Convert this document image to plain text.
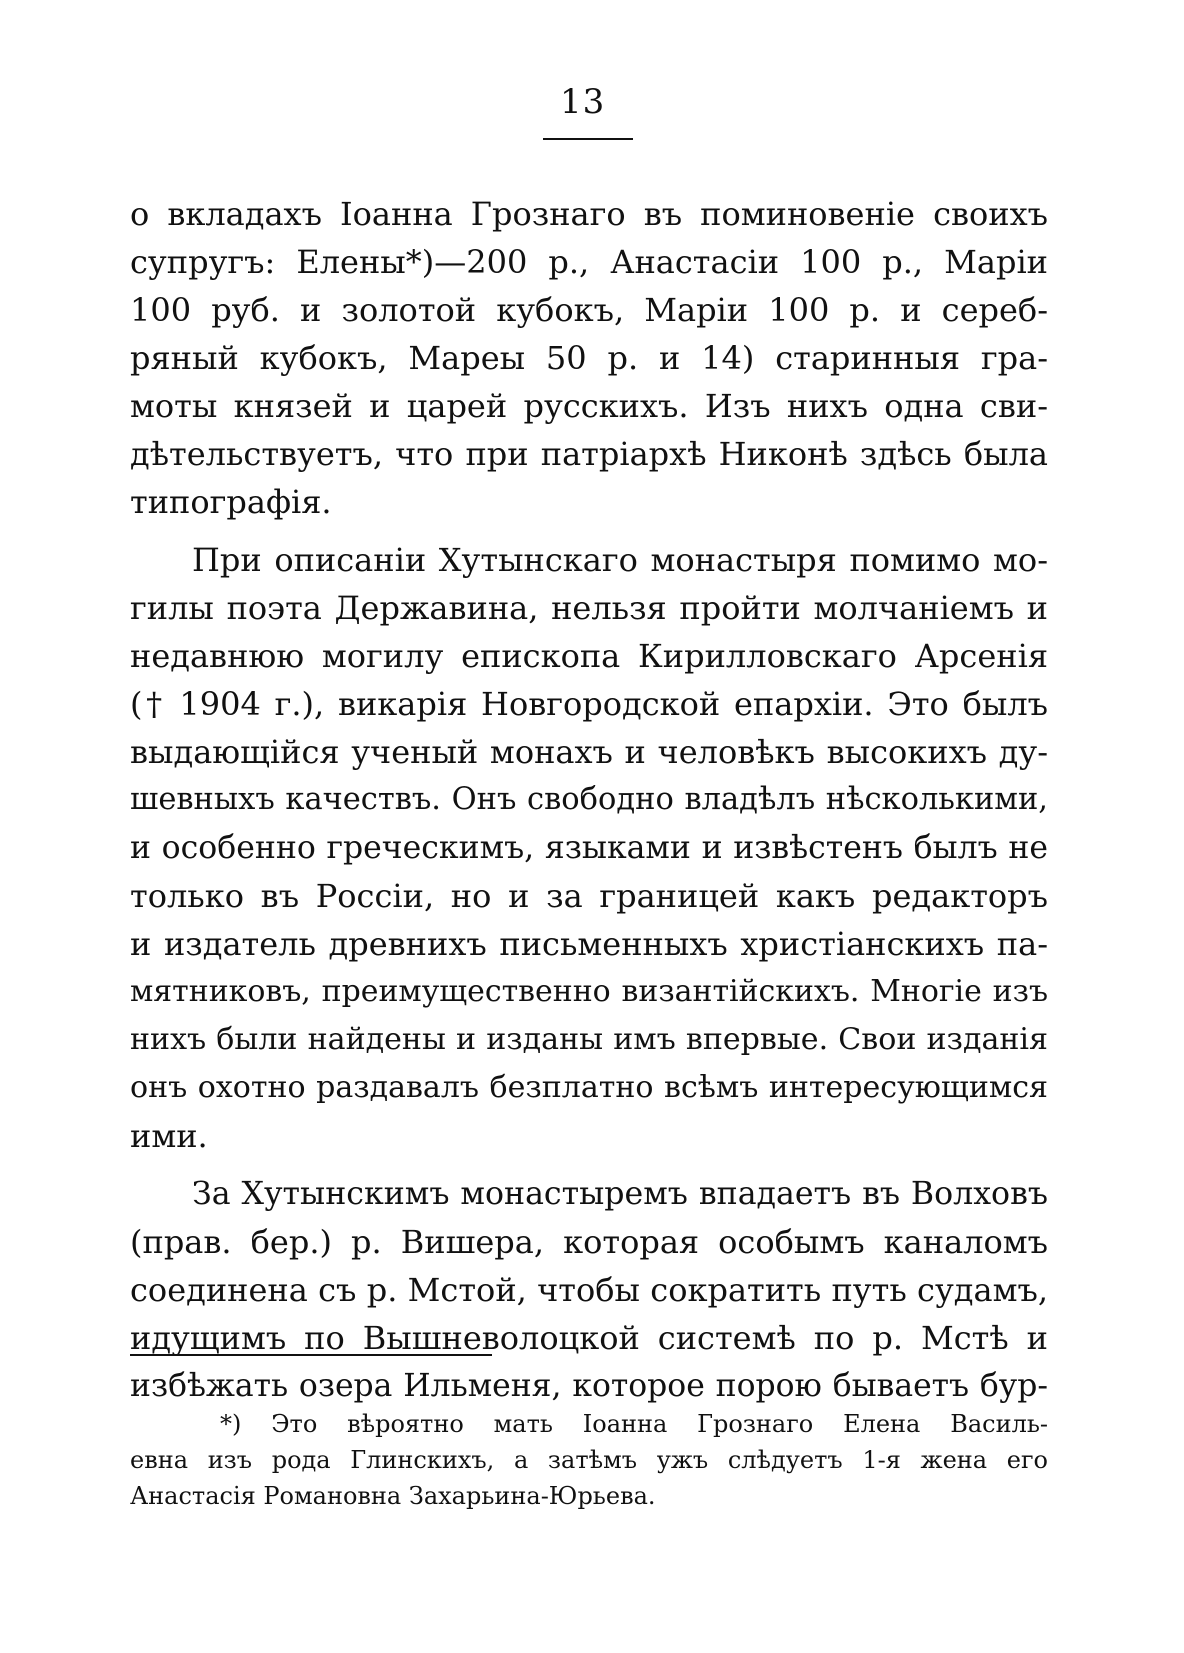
13
о вкладахъ Іоанна Грознаго въ поминовеніе своихъ
супругъ: Елены*)—200 р., Анастасіи 100 р., Маріи
100 руб. и золотой кубокъ, Маріи 100 р. и сереб-
ряный кубокъ, Мареы 50 р. и 14) старинныя гра-
моты князей и царей русскихъ. Изъ нихъ одна сви-
дѣтельствуетъ, что при патріархѣ Никонѣ здѣсь была
типографія.
При описаніи Хутынскаго монастыря помимо мо-
гилы поэта Державина, нельзя пройти молчаніемъ и
недавнюю могилу епископа Кирилловскаго Арсенія
(† 1904 г.), викарія Новгородской епархіи. Это былъ
выдающійся ученый монахъ и человѣкъ высокихъ ду-
шевныхъ качествъ. Онъ свободно владѣлъ нѣсколькими,
и особенно греческимъ, языками и извѣстенъ былъ не
только въ Россіи, но и за границей какъ редакторъ
и издатель древнихъ письменныхъ христіанскихъ па-
мятниковъ, преимущественно византійскихъ. Многіе изъ
нихъ были найдены и изданы имъ впервые. Свои изданія
онъ охотно раздавалъ безплатно всѣмъ интересующимся
ими.
За Хутынскимъ монастыремъ впадаетъ въ Волховъ
(прав. бер.) р. Вишера, которая особымъ каналомъ
соединена съ р. Мстой, чтобы сократить путь судамъ,
идущимъ по Вышневолоцкой системѣ по р. Мстѣ и
избѣжать озера Ильменя, которое порою бываетъ бур-
*) Это вѣроятно мать Іоанна Грознаго Елена Василь-
евна изъ рода Глинскихъ, а затѣмъ ужъ слѣдуетъ 1-я жена его
Анастасія Романовна Захарьина-Юрьева.
